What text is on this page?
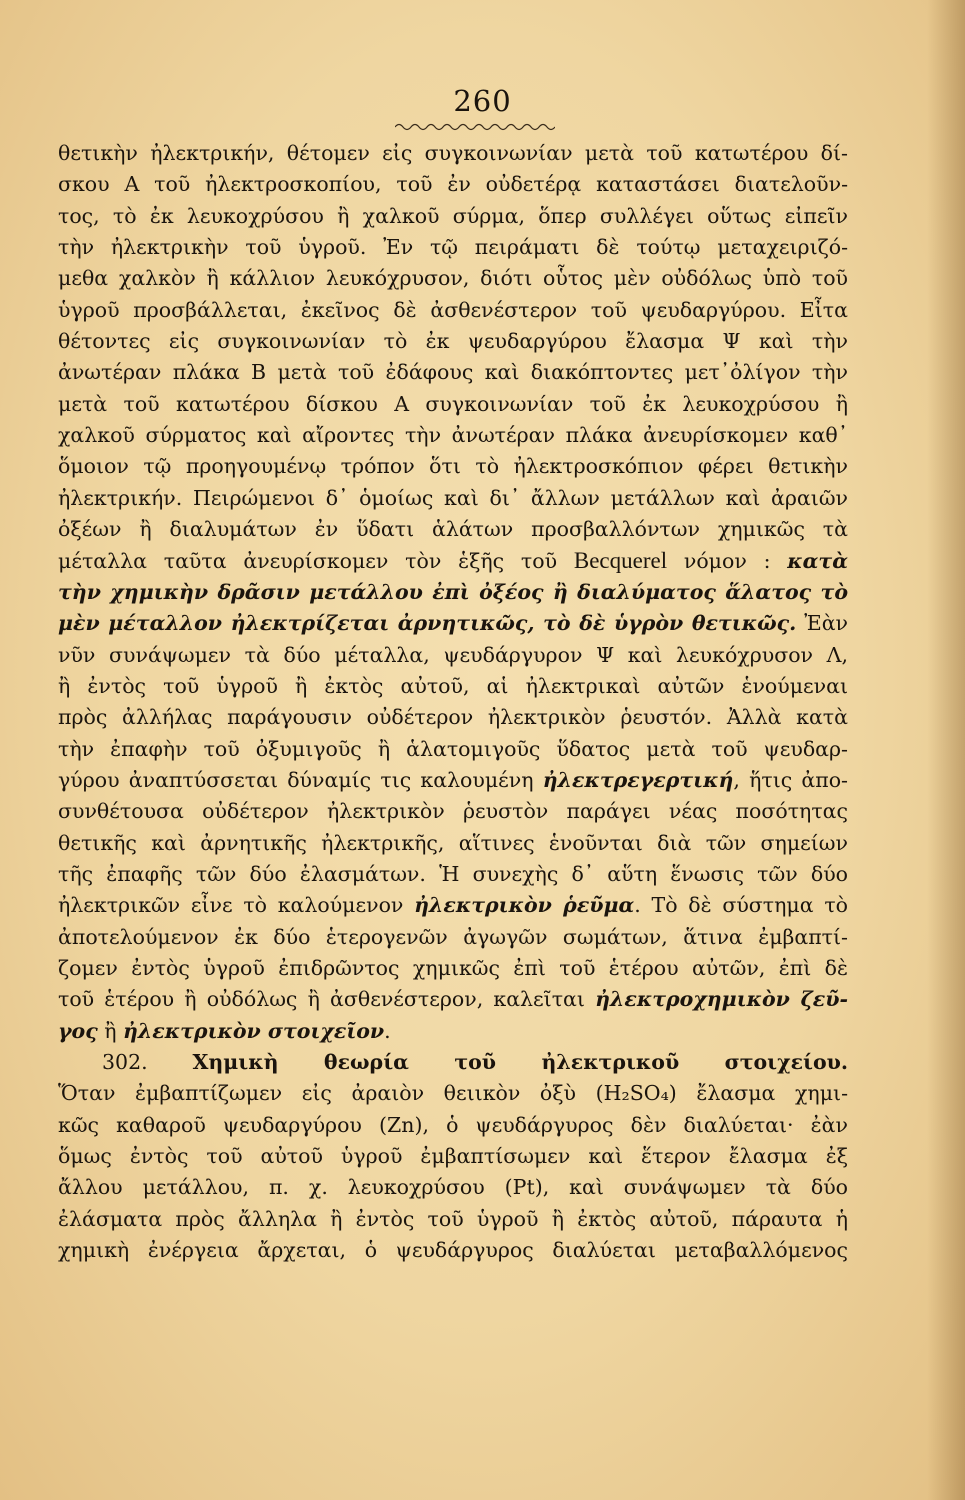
260
θετικὴν ἠλεκτρικήν, θέτομεν εἰς συγκοινωνίαν μετὰ τοῦ κατωτέρου δί-
σκου Α τοῦ ἠλεκτροσκοπίου, τοῦ ἐν οὐδετέρᾳ καταστάσει διατελοῦν-
τος, τὸ ἐκ λευκοχρύσου ἢ χαλκοῦ σύρμα, ὅπερ συλλέγει οὕτως εἰπεῖν
τὴν ἠλεκτρικὴν τοῦ ὑγροῦ. Ἐν τῷ πειράματι δὲ τούτῳ μεταχειριζό-
μεθα χαλκὸν ἢ κάλλιον λευκόχρυσον, διότι οὗτος μὲν οὐδόλως ὑπὸ τοῦ
ὑγροῦ προσβάλλεται, ἐκεῖνος δὲ ἀσθενέστερον τοῦ ψευδαργύρου. Εἶτα
θέτοντες εἰς συγκοινωνίαν τὸ ἐκ ψευδαργύρου ἔλασμα Ψ καὶ τὴν
ἀνωτέραν πλάκα Β μετὰ τοῦ ἐδάφους καὶ διακόπτοντες μετ᾽ὀλίγον τὴν
μετὰ τοῦ κατωτέρου δίσκου Α συγκοινωνίαν τοῦ ἐκ λευκοχρύσου ἢ
χαλκοῦ σύρματος καὶ αἴροντες τὴν ἀνωτέραν πλάκα ἀνευρίσκομεν καθ᾽
ὅμοιον τῷ προηγουμένῳ τρόπον ὅτι τὸ ἠλεκτροσκόπιον φέρει θετικὴν
ἠλεκτρικήν. Πειρώμενοι δ᾽ ὁμοίως καὶ δι᾽ ἄλλων μετάλλων καὶ ἀραιῶν
ὀξέων ἢ διαλυμάτων ἐν ὕδατι ἁλάτων προσβαλλόντων χημικῶς τὰ
μέταλλα ταῦτα ἀνευρίσκομεν τὸν ἑξῆς τοῦ Becquerel νόμον : κατὰ
τὴν χημικὴν δρᾶσιν μετάλλου ἐπὶ ὀξέος ἢ διαλύματος ἅλατος τὸ
μὲν μέταλλον ἠλεκτρίζεται ἀρνητικῶς, τὸ δὲ ὑγρὸν θετικῶς. Ἐὰν
νῦν συνάψωμεν τὰ δύο μέταλλα, ψευδάργυρον Ψ καὶ λευκόχρυσον Λ,
ἢ ἐντὸς τοῦ ὑγροῦ ἢ ἐκτὸς αὐτοῦ, αἱ ἠλεκτρικαὶ αὐτῶν ἑνούμεναι
πρὸς ἀλλήλας παράγουσιν οὐδέτερον ἠλεκτρικὸν ῥευστόν. Ἀλλὰ κατὰ
τὴν ἐπαφὴν τοῦ ὀξυμιγοῦς ἢ ἁλατομιγοῦς ὕδατος μετὰ τοῦ ψευδαρ-
γύρου ἀναπτύσσεται δύναμίς τις καλουμένη ἠλεκτρεγερτική, ἥτις ἀπο-
συνθέτουσα οὐδέτερον ἠλεκτρικὸν ῥευστὸν παράγει νέας ποσότητας
θετικῆς καὶ ἀρνητικῆς ἠλεκτρικῆς, αἵτινες ἑνοῦνται διὰ τῶν σημείων
τῆς ἐπαφῆς τῶν δύο ἐλασμάτων. Ἡ συνεχὴς δ᾽ αὕτη ἕνωσις τῶν δύο
ἠλεκτρικῶν εἶνε τὸ καλούμενον ἠλεκτρικὸν ῥεῦμα. Τὸ δὲ σύστημα τὸ
ἀποτελούμενον ἐκ δύο ἑτερογενῶν ἀγωγῶν σωμάτων, ἅτινα ἐμβαπτί-
ζομεν ἐντὸς ὑγροῦ ἐπιδρῶντος χημικῶς ἐπὶ τοῦ ἑτέρου αὐτῶν, ἐπὶ δὲ
τοῦ ἑτέρου ἢ οὐδόλως ἢ ἀσθενέστερον, καλεῖται ἠλεκτροχημικὸν ζεῦ-
γος ἢ ἠλεκτρικὸν στοιχεῖον.
302. Χημικὴ θεωρία τοῦ ἠλεκτρικοῦ στοιχείου.
Ὅταν ἐμβαπτίζωμεν εἰς ἀραιὸν θειικὸν ὀξὺ (H₂SO₄) ἔλασμα χημι-
κῶς καθαροῦ ψευδαργύρου (Zn), ὁ ψευδάργυρος δὲν διαλύεται· ἐὰν
ὅμως ἐντὸς τοῦ αὐτοῦ ὑγροῦ ἐμβαπτίσωμεν καὶ ἕτερον ἔλασμα ἐξ
ἄλλου μετάλλου, π. χ. λευκοχρύσου (Pt), καὶ συνάψωμεν τὰ δύο
ἐλάσματα πρὸς ἄλληλα ἢ ἐντὸς τοῦ ὑγροῦ ἢ ἐκτὸς αὐτοῦ, πάραυτα ἡ
χημικὴ ἐνέργεια ἄρχεται, ὁ ψευδάργυρος διαλύεται μεταβαλλόμενος
